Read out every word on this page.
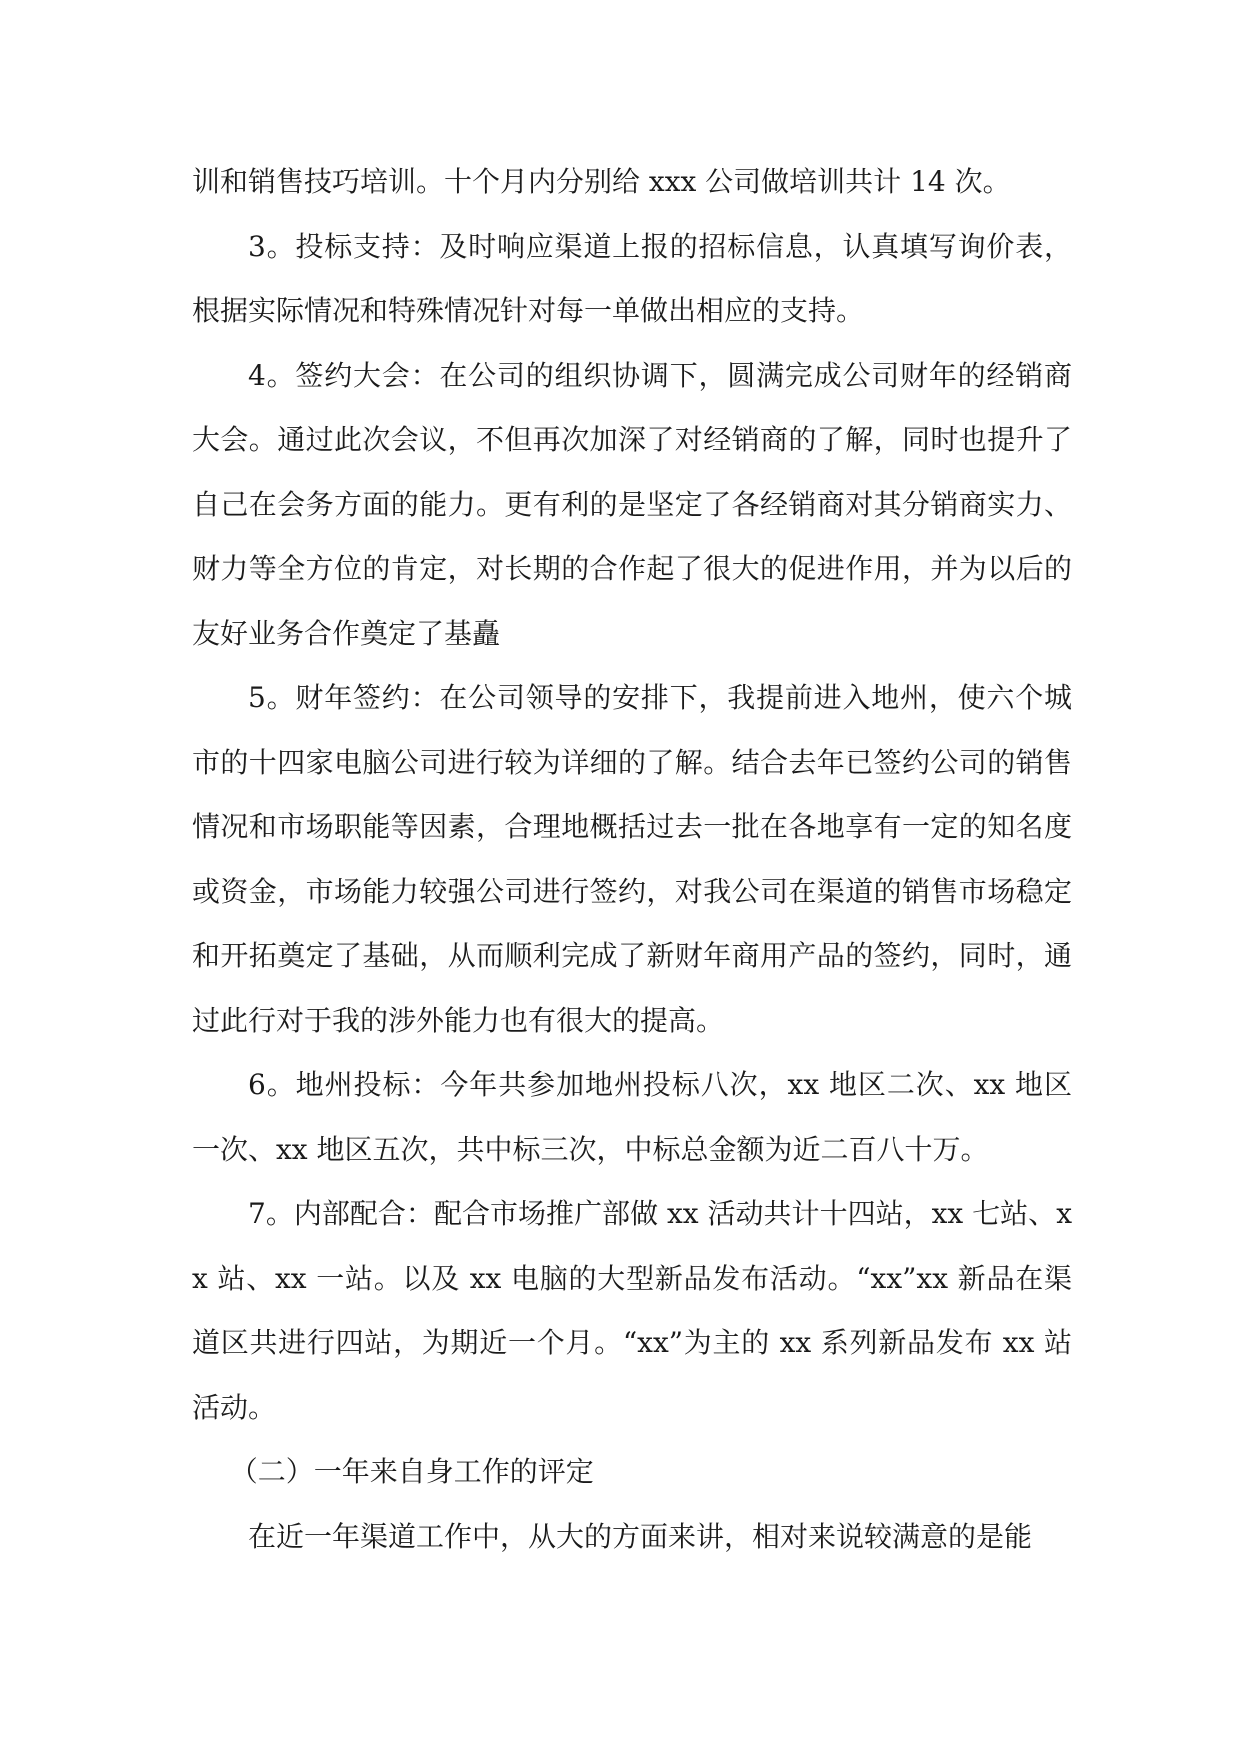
训和销售技巧培训。十个月内分别给 xxx 公司做培训共计 14 次。

3。投标支持：及时响应渠道上报的招标信息，认真填写询价表，根据实际情况和特殊情况针对每一单做出相应的支持。

4。签约大会：在公司的组织协调下，圆满完成公司财年的经销商大会。通过此次会议，不但再次加深了对经销商的了解，同时也提升了自己在会务方面的能力。更有利的是坚定了各经销商对其分销商实力、财力等全方位的肯定，对长期的合作起了很大的促进作用，并为以后的友好业务合作奠定了基矗

5。财年签约：在公司领导的安排下，我提前进入地州，使六个城市的十四家电脑公司进行较为详细的了解。结合去年已签约公司的销售情况和市场职能等因素，合理地概括过去一批在各地享有一定的知名度或资金，市场能力较强公司进行签约，对我公司在渠道的销售市场稳定和开拓奠定了基础，从而顺利完成了新财年商用产品的签约，同时，通过此行对于我的涉外能力也有很大的提高。

6。地州投标：今年共参加地州投标八次，xx 地区二次、xx 地区一次、xx 地区五次，共中标三次，中标总金额为近二百八十万。

7。内部配合：配合市场推广部做 xx 活动共计十四站，xx 七站、xx 站、xx 一站。以及 xx 电脑的大型新品发布活动。“xx”xx 新品在渠道区共进行四站，为期近一个月。“xx”为主的 xx 系列新品发布 xx 站活动。

（二）一年来自身工作的评定

在近一年渠道工作中，从大的方面来讲，相对来说较满意的是能
